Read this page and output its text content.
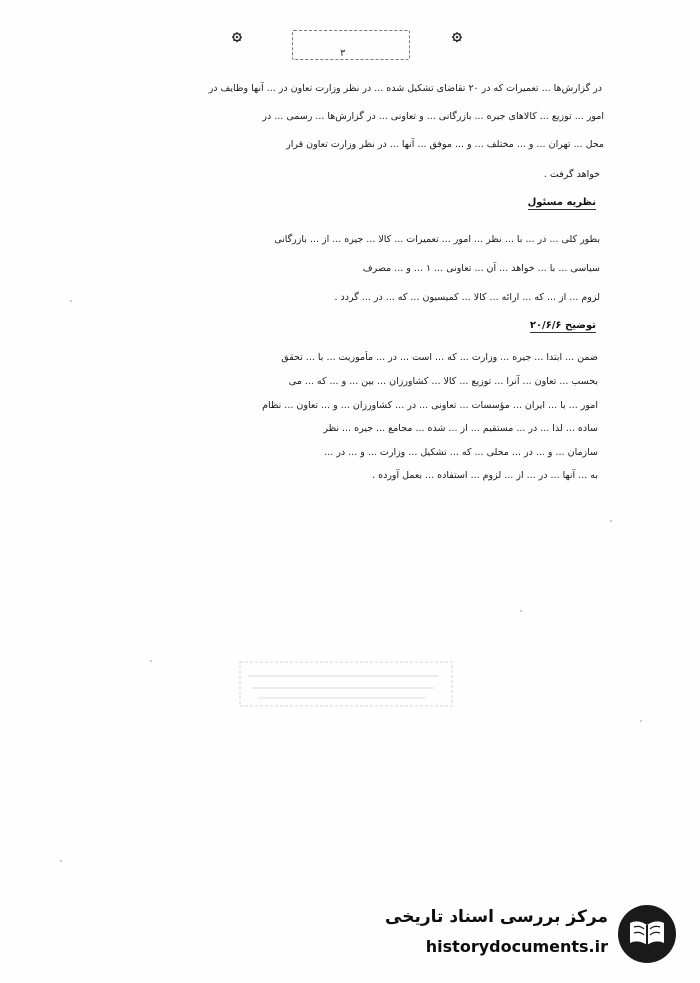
۞
۳
۞
در گزارش‌ها ... تعمیرات که در ۲۰ تقاضای تشکیل شده ... در نظر وزارت تعاون در ... آنها وظایف در
امور ... توزیع ... کالاهای جیره ... بازرگانی ... و تعاونی ... در گزارش‌ها ... رسمی ... در
محل ... تهران ... و ... مختلف ... و ... موفق ... آنها ... در نظر وزارت تعاون قرار
خواهد گرفت .
نظریه مسئول
بطور کلی ... در ... با ... نظر ... امور ... تعمیرات ... کالا ... جیره ... از ... بازرگانی
سیاسی ... با ... خواهد ... آن ... تعاونی ... ۱ ... و ... مصرف
لزوم ... از ... که ... ارائه ... کالا ... کمیسیون ... که ... در ... گردد .
توضیح ۲۰/۶/۶
ضمن ... ابتدا ... جیره ... وزارت ... که ... است ... در ... مأموریت ... با ... تحقق
بحسب ... تعاون ... آنرا ... توزیع ... کالا ... کشاورزان ... بین ... و ... که ... می
امور ... با ... ایران ... مؤسسات ... تعاونی ... در ... کشاورزان ... و ... تعاون ... نظام
ساده ... لذا ... در ... مستقیم ... از ... شده ... مجامع ... جیره ... نظر
سازمان ... و ... در ... محلی ... که ... تشکیل ... وزارت ... و ... در ...
به ... آنها ... در ... از ... لزوم ... استفاده ... بعمل آورده .
مرکز بررسی اسناد تاریخی
historydocuments.ir
